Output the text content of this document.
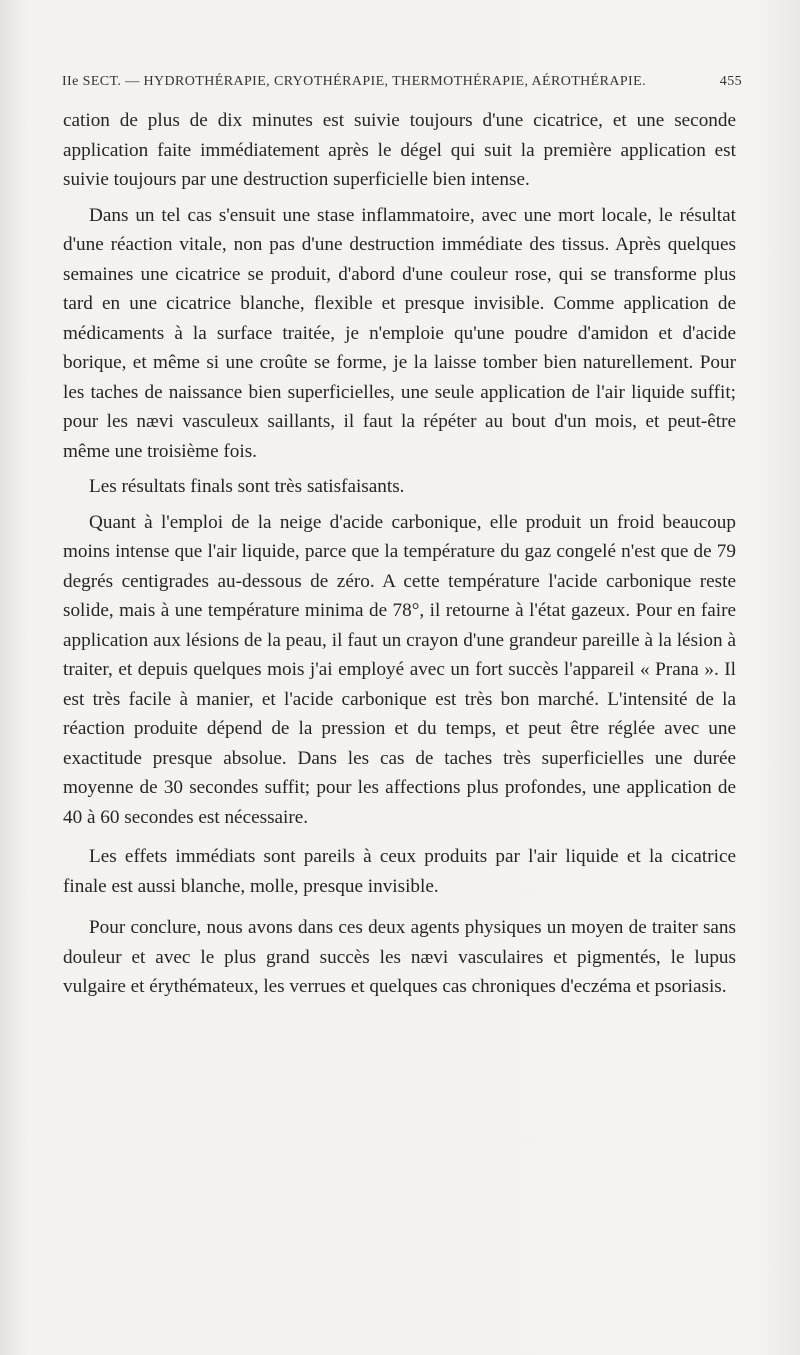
IIe SECT. — HYDROTHÉRAPIE, CRYOTHÉRAPIE, THERMOTHÉRAPIE, AÉROTHÉRAPIE.	455

cation de plus de dix minutes est suivie toujours d'une cicatrice, et une seconde application faite immédiatement après le dégel qui suit la première application est suivie toujours par une destruction superficielle bien intense.

Dans un tel cas s'ensuit une stase inflammatoire, avec une mort locale, le résultat d'une réaction vitale, non pas d'une destruction immédiate des tissus. Après quelques semaines une cicatrice se produit, d'abord d'une couleur rose, qui se transforme plus tard en une cicatrice blanche, flexible et presque invisible. Comme application de médicaments à la surface traitée, je n'emploie qu'une poudre d'amidon et d'acide borique, et même si une croûte se forme, je la laisse tomber bien naturellement. Pour les taches de naissance bien superficielles, une seule application de l'air liquide suffit; pour les nævi vasculeux saillants, il faut la répéter au bout d'un mois, et peut-être même une troisième fois.

Les résultats finals sont très satisfaisants.

Quant à l'emploi de la neige d'acide carbonique, elle produit un froid beaucoup moins intense que l'air liquide, parce que la température du gaz congelé n'est que de 79 degrés centigrades au-dessous de zéro. A cette température l'acide carbonique reste solide, mais à une température minima de 78°, il retourne à l'état gazeux. Pour en faire application aux lésions de la peau, il faut un crayon d'une grandeur pareille à la lésion à traiter, et depuis quelques mois j'ai employé avec un fort succès l'appareil « Prana ». Il est très facile à manier, et l'acide carbonique est très bon marché. L'intensité de la réaction produite dépend de la pression et du temps, et peut être réglée avec une exactitude presque absolue. Dans les cas de taches très superficielles une durée moyenne de 30 secondes suffit; pour les affections plus profondes, une application de 40 à 60 secondes est nécessaire.

Les effets immédiats sont pareils à ceux produits par l'air liquide et la cicatrice finale est aussi blanche, molle, presque invisible.

Pour conclure, nous avons dans ces deux agents physiques un moyen de traiter sans douleur et avec le plus grand succès les nævi vasculaires et pigmentés, le lupus vulgaire et érythémateux, les verrues et quelques cas chroniques d'eczéma et psoriasis.
